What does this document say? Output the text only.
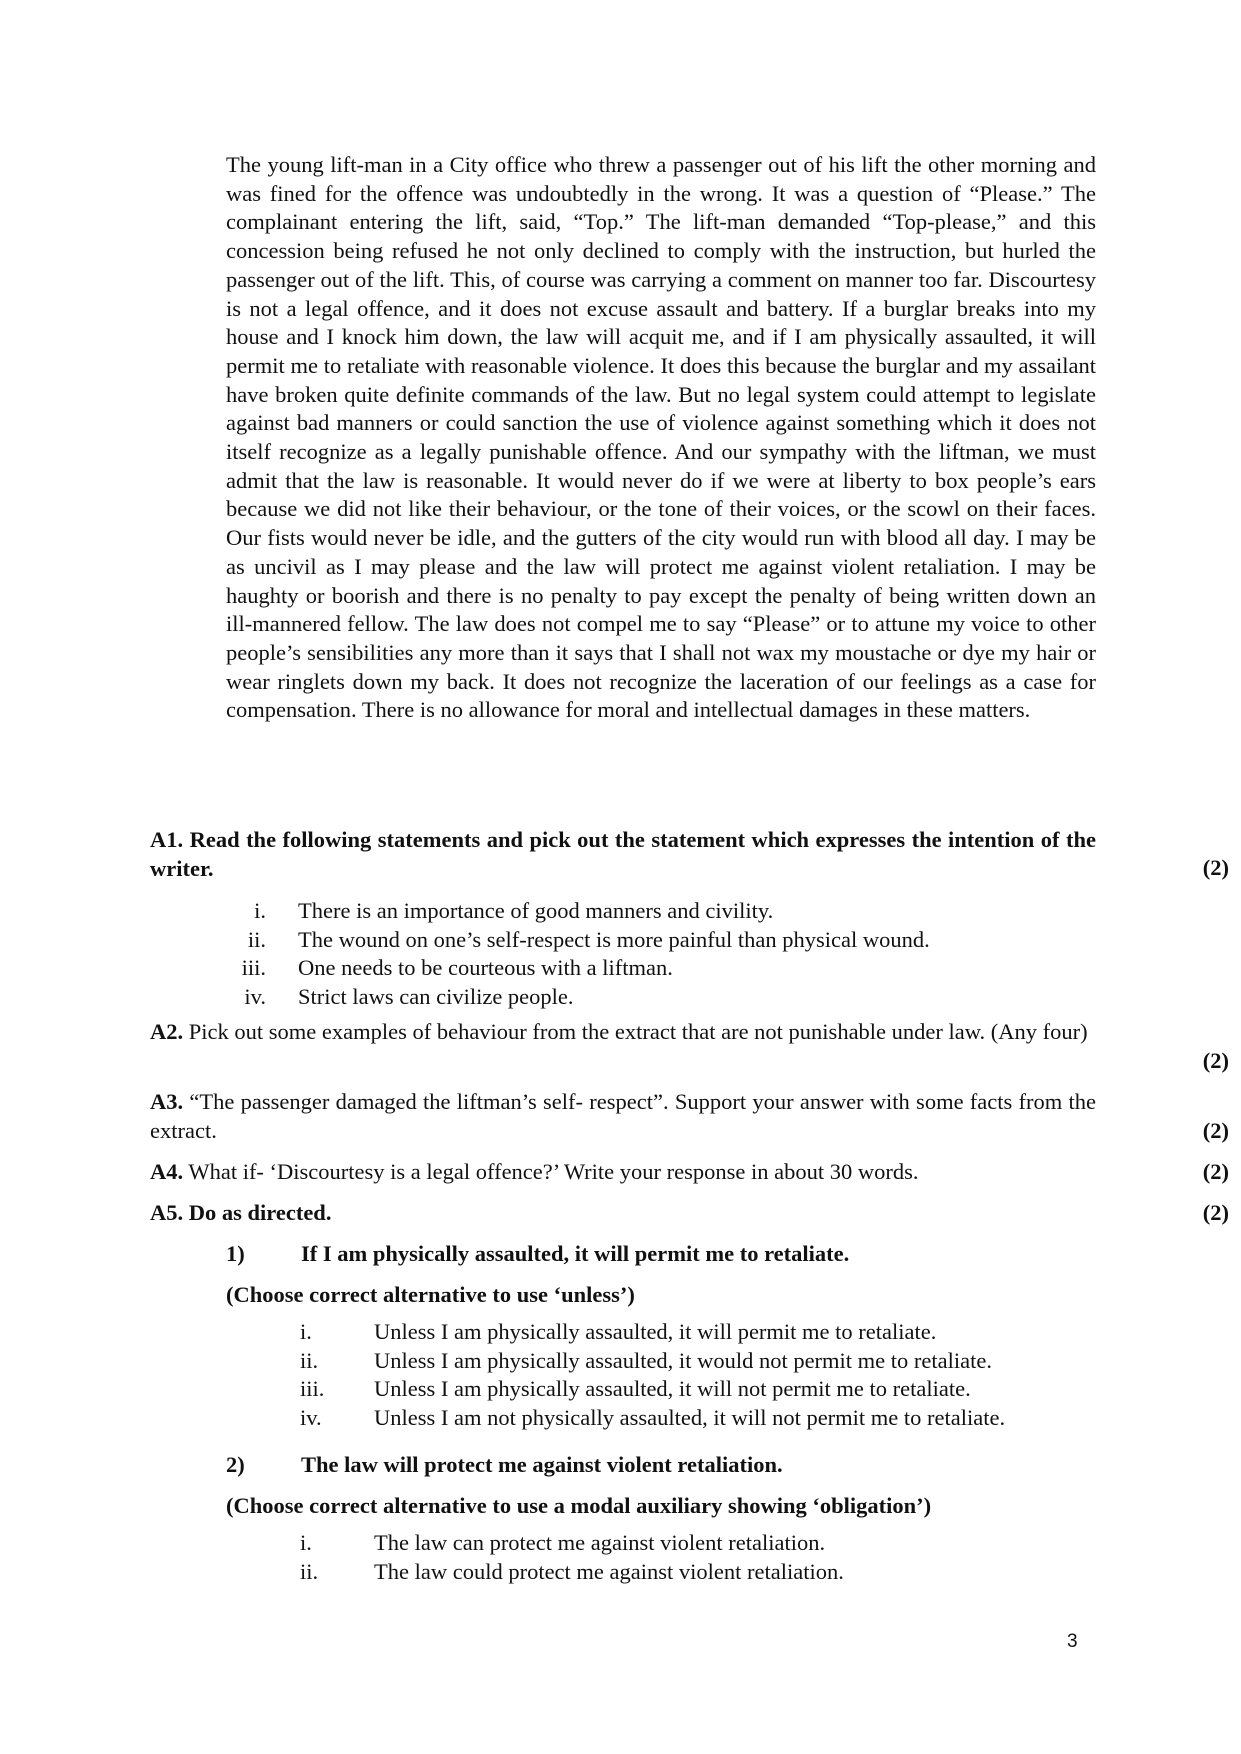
The young lift-man in a City office who threw a passenger out of his lift the other morning and was fined for the offence was undoubtedly in the wrong. It was a question of “Please.” The complainant entering the lift, said, “Top.” The lift-man demanded “Top-please,” and this concession being refused he not only declined to comply with the instruction, but hurled the passenger out of the lift. This, of course was carrying a comment on manner too far. Discourtesy is not a legal offence, and it does not excuse assault and battery. If a burglar breaks into my house and I knock him down, the law will acquit me, and if I am physically assaulted, it will permit me to retaliate with reasonable violence. It does this because the burglar and my assailant have broken quite definite commands of the law. But no legal system could attempt to legislate against bad manners or could sanction the use of violence against something which it does not itself recognize as a legally punishable offence. And our sympathy with the liftman, we must admit that the law is reasonable. It would never do if we were at liberty to box people’s ears because we did not like their behaviour, or the tone of their voices, or the scowl on their faces. Our fists would never be idle, and the gutters of the city would run with blood all day. I may be as uncivil as I may please and the law will protect me against violent retaliation. I may be haughty or boorish and there is no penalty to pay except the penalty of being written down an ill-mannered fellow. The law does not compel me to say “Please” or to attune my voice to other people’s sensibilities any more than it says that I shall not wax my moustache or dye my hair or wear ringlets down my back. It does not recognize the laceration of our feelings as a case for compensation. There is no allowance for moral and intellectual damages in these matters.

A1. Read the following statements and pick out the statement which expresses the intention of the writer.	(2)
i. There is an importance of good manners and civility.
ii. The wound on one’s self-respect is more painful than physical wound.
iii. One needs to be courteous with a liftman.
iv. Strict laws can civilize people.
A2. Pick out some examples of behaviour from the extract that are not punishable under law. (Any four)
(2)
A3. “The passenger damaged the liftman’s self- respect”. Support your answer with some facts from the extract.	(2)
A4. What if- ‘Discourtesy is a legal offence?’ Write your response in about 30 words.	(2)
A5. Do as directed.	(2)
1)	If I am physically assaulted, it will permit me to retaliate.
(Choose correct alternative to use ‘unless’)
i.	Unless I am physically assaulted, it will permit me to retaliate.
ii.	Unless I am physically assaulted, it would not permit me to retaliate.
iii.	Unless I am physically assaulted, it will not permit me to retaliate.
iv.	Unless I am not physically assaulted, it will not permit me to retaliate.
2)	The law will protect me against violent retaliation.
(Choose correct alternative to use a modal auxiliary showing ‘obligation’)
i.	The law can protect me against violent retaliation.
ii.	The law could protect me against violent retaliation.
3
